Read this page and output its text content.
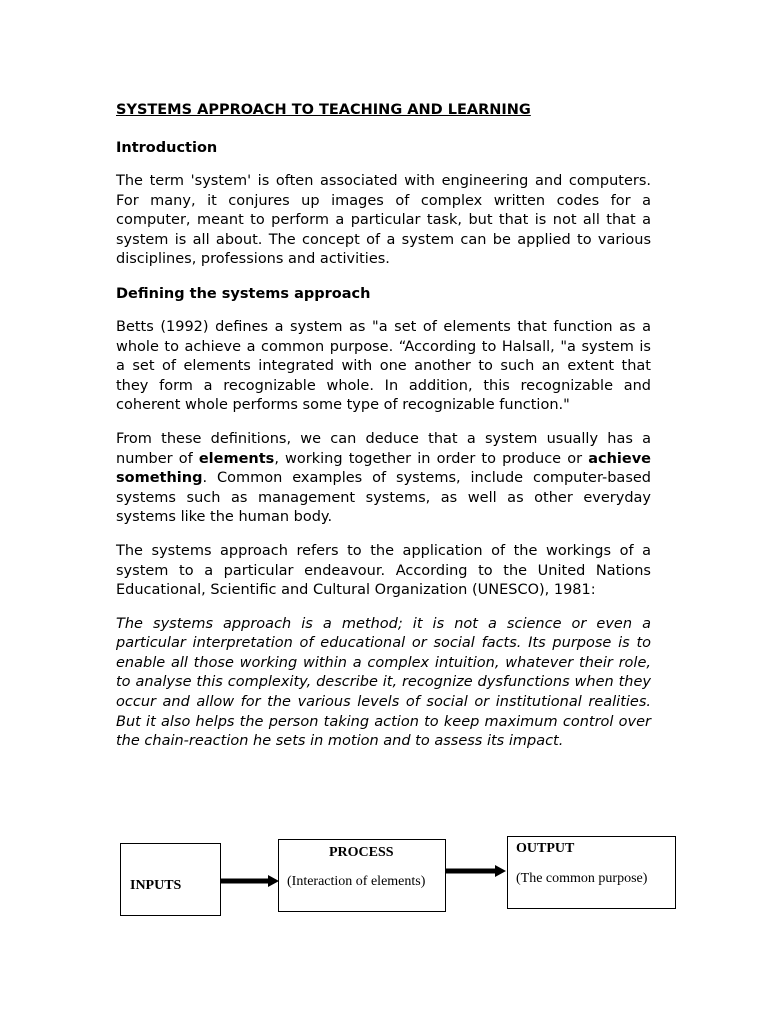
SYSTEMS APPROACH TO TEACHING AND LEARNING
Introduction

The term 'system' is often associated with engineering and computers. For many, it conjures up images of complex written codes for a computer, meant to perform a particular task, but that is not all that a system is all about. The concept of a system can be applied to various disciplines, professions and activities.

Defining the systems approach

Betts (1992) defines a system as "a set of elements that function as a whole to achieve a common purpose. “According to Halsall, "a system is a set of elements integrated with one another to such an extent that they form a recognizable whole. In addition, this recognizable and coherent whole performs some type of recognizable function."

From these definitions, we can deduce that a system usually has a number of elements, working together in order to produce or achieve something. Common examples of systems, include computer-based systems such as management systems, as well as other everyday systems like the human body.

The systems approach refers to the application of the workings of a system to a particular endeavour. According to the United Nations Educational, Scientific and Cultural Organization (UNESCO), 1981:

The systems approach is a method; it is not a science or even a particular interpretation of educational or social facts. Its purpose is to enable all those working within a complex intuition, whatever their role, to analyse this complexity, describe it, recognize dysfunctions when they occur and allow for the various levels of social or institutional realities. But it also helps the person taking action to keep maximum control over the chain-reaction he sets in motion and to assess its impact.

INPUTS
PROCESS
(Interaction of elements)
OUTPUT
(The common purpose)
